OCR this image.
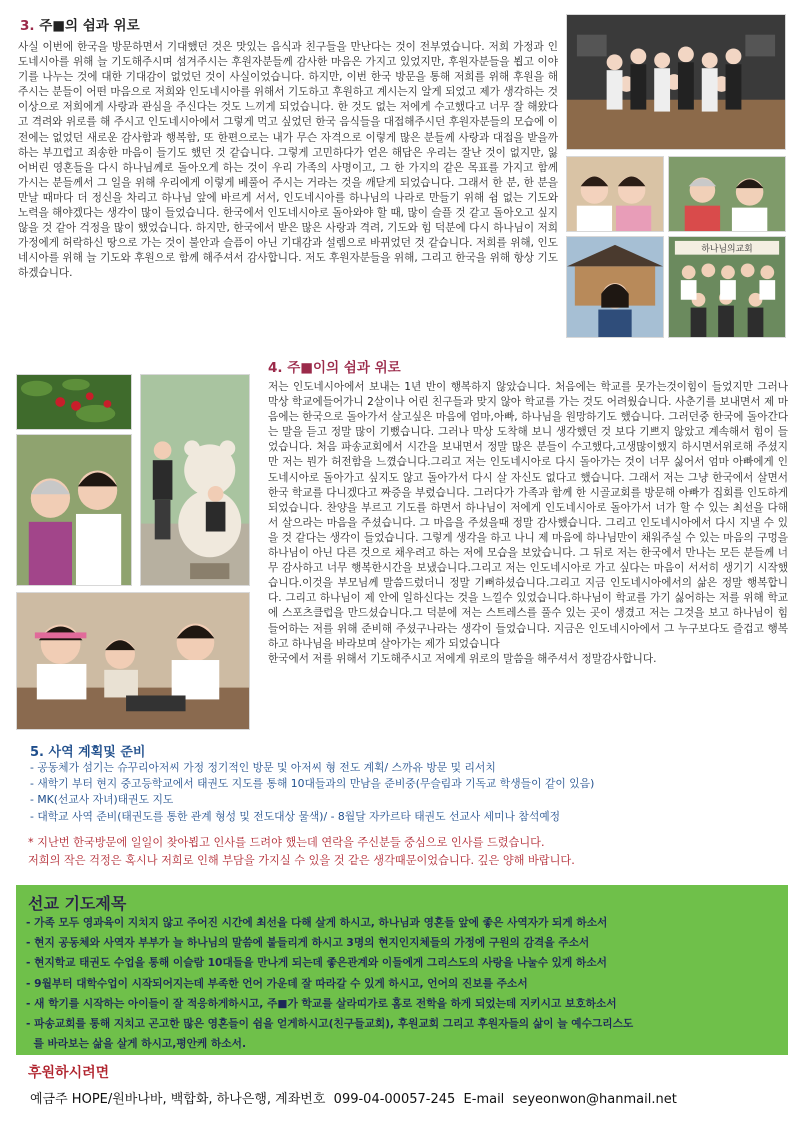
3. 주■의 쉼과 위로
사실 이번에 한국을 방문하면서 기대했던 것은 맛있는 음식과 친구들을 만난다는 것이 전부였습니다. 저희 가정과 인도네시아를 위해 늘 기도해주시며 섬겨주시는 후원자분들께 감사한 마음은 가지고 있었지만, 후원자분들을 뵙고 이야기를 나누는 것에 대한 기대감이 없었던 것이 사실이었습니다. 하지만, 이번 한국 방문을 통해 저희를 위해 후원을 해 주시는 분들이 어떤 마음으로 저희와 인도네시아를 위해서 기도하고 후원하고 계시는지 알게 되었고 제가 생각하는 것 이상으로 저희에게 사랑과 관심을 주신다는 것도 느끼게 되었습니다. 한 것도 없는 저에게 수고했다고 너무 잘 해왔다고 격려와 위로를 해 주시고 인도네시아에서 그렇게 먹고 싶었던 한국 음식들을 대접해주시던 후원자분들의 모습에 이전에는 없었던 새로운 감사함과 행복함, 또 한편으로는 내가 무슨 자격으로 이렇게 많은 분들께 사랑과 대접을 받을까 하는 부끄럽고 죄송한 마음이 들기도 했던 것 같습니다. 그렇게 고민하다가 얻은 해답은 우리는 잘난 것이 없지만, 잃어버린 영혼들을 다시 하나님께로 돌아오게 하는 것이 우리 가족의 사명이고, 그 한 가지의 같은 목표를 가지고 함께 가시는 분들께서 그 일을 위해 우리에게 이렇게 베풀어 주시는 거라는 것을 깨닫게 되었습니다. 그래서 한 분, 한 분을 만날 때마다 더 정신을 차리고 하나님 앞에 바르게 서서, 인도네시아를 하나님의 나라로 만들기 위해 쉼 없는 기도와 노력을 해야겠다는 생각이 많이 들었습니다. 한국에서 인도네시아로 돌아와야 할 때, 많이 슬플 것 같고 돌아오고 싶지 않을 것 같아 걱정을 많이 했었습니다. 하지만, 한국에서 받은 많은 사랑과 격려, 기도와 힘 덕분에 다시 하나님이 저희 가정에게 허락하신 땅으로 가는 것이 불안과 슬픔이 아닌 기대감과 설렘으로 바뀌었던 것 같습니다. 저희를 위해, 인도네시아를 위해 늘 기도와 후원으로 함께 해주셔서 감사합니다. 저도 후원자분들을 위해, 그리고 한국을 위해 항상 기도하겠습니다.
하나님의교회
4. 주■이의 쉼과 위로
저는 인도네시아에서 보내는 1년 반이 행복하지 않았습니다. 처음에는 학교를 못가는것이힘이 들었지만 그러나 막상 학교에들어가니 2살이나 어린 친구들과 맞지 않아 학교를 가는 것도 어려웠습니다. 사춘기를 보내면서 제 마음에는 한국으로 돌아가서 살고싶은 마음에 엄마,아빠, 하나님을 원망하기도 했습니다. 그러던중 한국에 돌아간다는 말을 듣고 정말 많이 기뻤습니다. 그러나 막상 도착해 보니 생각했던 것 보다 기쁘지 않았고 계속해서 힘이 들었습니다. 처음 파송교회에서 시간을 보내면서 정말 많은 분들이 수고했다,고생많이했지 하시면서위로해 주셨지만 저는 뭔가 허전함을 느꼈습니다.그리고 저는 인도네시아로 다시 돌아가는 것이 너무 싫어서 엄마 아빠에게 인도네시아로 돌아가고 싶지도 않고 돌아가서 다시 살 자신도 없다고 했습니다. 그래서 저는 그냥 한국에서 살면서 한국 학교를 다니겠다고 짜증을 부렸습니다. 그러다가 가족과 함께 한 시골교회를 방문해 아빠가 집회를 인도하게 되었습니다. 찬양을 부르고 기도를 하면서 하나님이 저에게 인도네시아로 돌아가서 너가 할 수 있는 최선을 다해서 살으라는 마음을 주셨습니다. 그 마음을 주셨을때 정말 감사했습니다. 그리고 인도네시아에서 다시 지낼 수 있을 것 같다는 생각이 들었습니다. 그렇게 생각을 하고 나니 제 마음에 하나님만이 채워주실 수 있는 마음의 구멍을 하나님이 아닌 다른 것으로 채우려고 하는 저에 모습을 보았습니다. 그 뒤로 저는 한국에서 만나는 모든 분들께 너무 감사하고 너무 행복한시간을 보냈습니다.그리고 저는 인도네시아로 가고 싶다는 마음이 서서히 생기기 시작했습니다.이것을 부모님께 말씀드렸더니 정말 기뻐하셨습니다.그리고 지금 인도네시아에서의 삶은 정말 행복합니다. 그리고 하나님이 제 안에 일하신다는 것을 느낄수 있었습니다.하나님이 학교를 가기 싫어하는 저를 위해 학교에 스포츠클럽을 만드셨습니다.그 덕분에 저는 스트레스를 풀수 있는 곳이 생겼고 저는 그것을 보고 하나님이 힘들어하는 저를 위해 준비해 주셨구나라는 생각이 들었습니다. 지금은 인도네시아에서 그 누구보다도 즐겁고 행복하고 하나님을 바라보며 살아가는 제가 되었습니다
한국에서 저를 위해서 기도해주시고 저에게 위로의 말씀을 해주셔서 정말감사합니다.
5. 사역 계획및 준비
- 공동체가 섬기는 슈꾸리아저씨 가정 정기적인 방문 및 아저씨 형 전도 계획/ 스까유 방문 및 리서치
- 새학기 부터 현지 중고등학교에서 태권도 지도를 통해 10대들과의 만남을 준비중(무슬림과 기독교 학생들이 같이 있음)
- MK(선교사 자녀)태권도 지도
- 대학교 사역 준비(태권도를 통한 관계 형성 및 전도대상 물색)/ - 8월달 자카르타 태권도 선교사 세미나 참석예정
* 지난번 한국방문에 일일이 찾아뵙고 인사를 드려야 했는데 연락을 주신분들 중심으로 인사를 드렸습니다.
저희의 작은 걱정은 혹시나 저희로 인해 부담을 가지실 수 있을 것 같은 생각때문이었습니다. 깊은 양해 바랍니다.
선교 기도제목
- 가족 모두 영과육이 지치지 않고 주어진 시간에 최선을 다해 살게 하시고, 하나님과 영혼들 앞에 좋은 사역자가 되게 하소서
- 현지 공동체와 사역자 부부가 늘 하나님의 말씀에 붙들리게 하시고 3명의 현지인지체들의 가정에 구원의 감격을 주소서
- 현지학교 태권도 수업을 통해 이슬람 10대들을 만나게 되는데 좋은관계와 이들에게 그리스도의 사랑을 나눌수 있게 하소서
- 9월부터 대학수업이 시작되어지는데 부족한 언어 가운데 잘 따라갈 수 있게 하시고, 언어의 진보를 주소서
- 새 학기를 시작하는 아이들이 잘 적응하게하시고, 주■가 학교를 살라띠가로 홈로 전학을 하게 되었는데 지키시고 보호하소서
- 파송교회를 통해 지치고 곤고한 많은 영혼들이 쉼을 얻게하시고(친구들교회), 후원교회 그리고 후원자들의 삶이 늘 예수그리스도
를 바라보는 삶을 살게 하시고,평안케 하소서.
후원하시려면
예금주 HOPE/원바나바, 백합화, 하나은행, 계좌번호  099-04-00057-245  E-mail  seyeonwon@hanmail.net
